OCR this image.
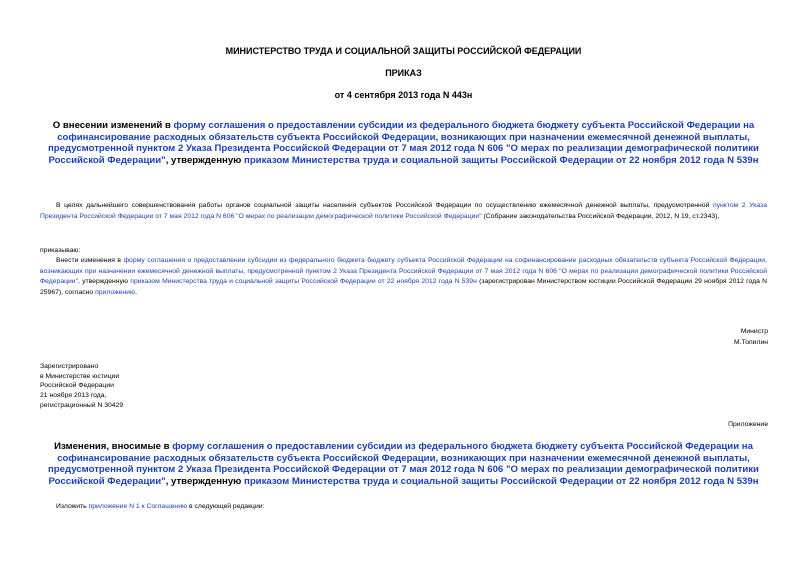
МИНИСТЕРСТВО ТРУДА И СОЦИАЛЬНОЙ ЗАЩИТЫ РОССИЙСКОЙ ФЕДЕРАЦИИ
ПРИКАЗ
от 4 сентября 2013 года N 443н
О внесении изменений в форму соглашения о предоставлении субсидии из федерального бюджета бюджету субъекта Российской Федерации на софинансирование расходных обязательств субъекта Российской Федерации, возникающих при назначении ежемесячной денежной выплаты, предусмотренной пунктом 2 Указа Президента Российской Федерации от 7 мая 2012 года N 606 "О мерах по реализации демографической политики Российской Федерации", утвержденную приказом Министерства труда и социальной защиты Российской Федерации от 22 ноября 2012 года N 539н
В целях дальнейшего совершенствования работы органов социальной защиты населения субъектов Российской Федерации по осуществлению ежемесячной денежной выплаты, предусмотренной пунктом 2 Указа Президента Российской Федерации от 7 мая 2012 года N 606 "О мерах по реализации демографической политики Российской Федерации" (Собрание законодательства Российской Федерации, 2012, N 19, ст.2343),
приказываю:
Внести изменения в форму соглашения о предоставлении субсидии из федерального бюджета бюджету субъекта Российской Федерации на софинансирование расходных обязательств субъекта Российской Федерации, возникающих при назначении ежемесячной денежной выплаты, предусмотренной пунктом 2 Указа Президента Российской Федерации от 7 мая 2012 года N 606 "О мерах по реализации демографической политики Российской Федерации", утвержденную приказом Министерства труда и социальной защиты Российской Федерации от 22 ноября 2012 года N 539н (зарегистрирован Министерством юстиции Российской Федерации 29 ноября 2012 года N 25967), согласно приложению.
Министр
М.Топилин
Зарегистрировано
в Министерстве юстиции
Российской Федерации
21 ноября 2013 года,
регистрационный N 30429
Приложение
Изменения, вносимые в форму соглашения о предоставлении субсидии из федерального бюджета бюджету субъекта Российской Федерации на софинансирование расходных обязательств субъекта Российской Федерации, возникающих при назначении ежемесячной денежной выплаты, предусмотренной пунктом 2 Указа Президента Российской Федерации от 7 мая 2012 года N 606 "О мерах по реализации демографической политики Российской Федерации", утвержденную приказом Министерства труда и социальной защиты Российской Федерации от 22 ноября 2012 года N 539н
Изложить приложение N 1 к Соглашению в следующей редакции:
